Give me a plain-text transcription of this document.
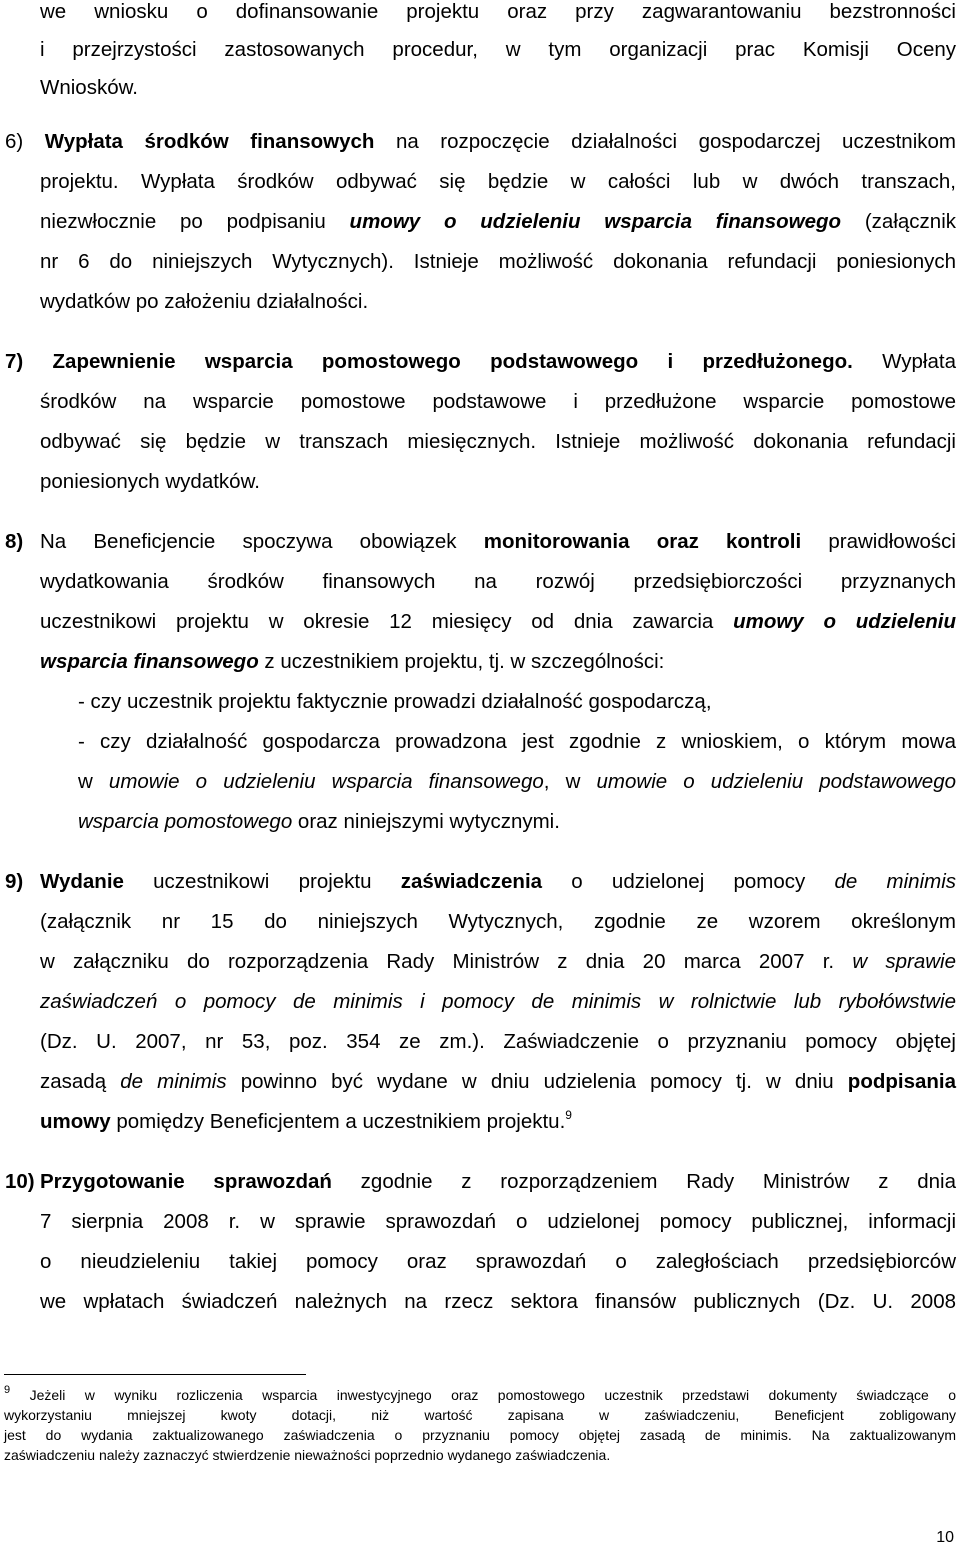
we wniosku o dofinansowanie projektu oraz przy zagwarantowaniu bezstronności
i przejrzystości zastosowanych procedur, w tym organizacji prac Komisji Oceny
Wniosków.
6) Wypłata środków finansowych na rozpoczęcie działalności gospodarczej uczestnikom
projektu. Wypłata środków odbywać się będzie w całości lub w dwóch transzach,
niezwłocznie po podpisaniu umowy o udzieleniu wsparcia finansowego (załącznik
nr 6 do niniejszych Wytycznych). Istnieje możliwość dokonania refundacji poniesionych
wydatków po założeniu działalności.
7) Zapewnienie wsparcia pomostowego podstawowego i przedłużonego. Wypłata
środków na wsparcie pomostowe podstawowe i przedłużone wsparcie pomostowe
odbywać się będzie w transzach miesięcznych. Istnieje możliwość dokonania refundacji
poniesionych wydatków.
8) Na Beneficjencie spoczywa obowiązek monitorowania oraz kontroli prawidłowości
wydatkowania środków finansowych na rozwój przedsiębiorczości przyznanych
uczestnikowi projektu w okresie 12 miesięcy od dnia zawarcia umowy o udzieleniu
wsparcia finansowego z uczestnikiem projektu, tj. w szczególności:
- czy uczestnik projektu faktycznie prowadzi działalność gospodarczą,
- czy działalność gospodarcza prowadzona jest zgodnie z wnioskiem, o którym mowa
w umowie o udzieleniu wsparcia finansowego, w umowie o udzieleniu podstawowego
wsparcia pomostowego oraz niniejszymi wytycznymi.
9) Wydanie uczestnikowi projektu zaświadczenia o udzielonej pomocy de minimis
(załącznik nr 15 do niniejszych Wytycznych, zgodnie ze wzorem określonym
w załączniku do rozporządzenia Rady Ministrów z dnia 20 marca 2007 r. w sprawie
zaświadczeń o pomocy de minimis i pomocy de minimis w rolnictwie lub rybołówstwie
(Dz. U. 2007, nr 53, poz. 354 ze zm.). Zaświadczenie o przyznaniu pomocy objętej
zasadą de minimis powinno być wydane w dniu udzielenia pomocy tj. w dniu podpisania
umowy pomiędzy Beneficjentem a uczestnikiem projektu.$^9$
10) Przygotowanie sprawozdań zgodnie z rozporządzeniem Rady Ministrów z dnia
7 sierpnia 2008 r. w sprawie sprawozdań o udzielonej pomocy publicznej, informacji
o nieudzieleniu takiej pomocy oraz sprawozdań o zaległościach przedsiębiorców
we wpłatach świadczeń należnych na rzecz sektora finansów publicznych (Dz. U. 2008
$^9$ Jeżeli w wyniku rozliczenia wsparcia inwestycyjnego oraz pomostowego uczestnik przedstawi dokumenty świadczące o
wykorzystaniu mniejszej kwoty dotacji, niż wartość zapisana w zaświadczeniu, Beneficjent zobligowany
jest do wydania zaktualizowanego zaświadczenia o przyznaniu pomocy objętej zasadą de minimis. Na zaktualizowanym
zaświadczeniu należy zaznaczyć stwierdzenie nieważności poprzednio wydanego zaświadczenia.
10
